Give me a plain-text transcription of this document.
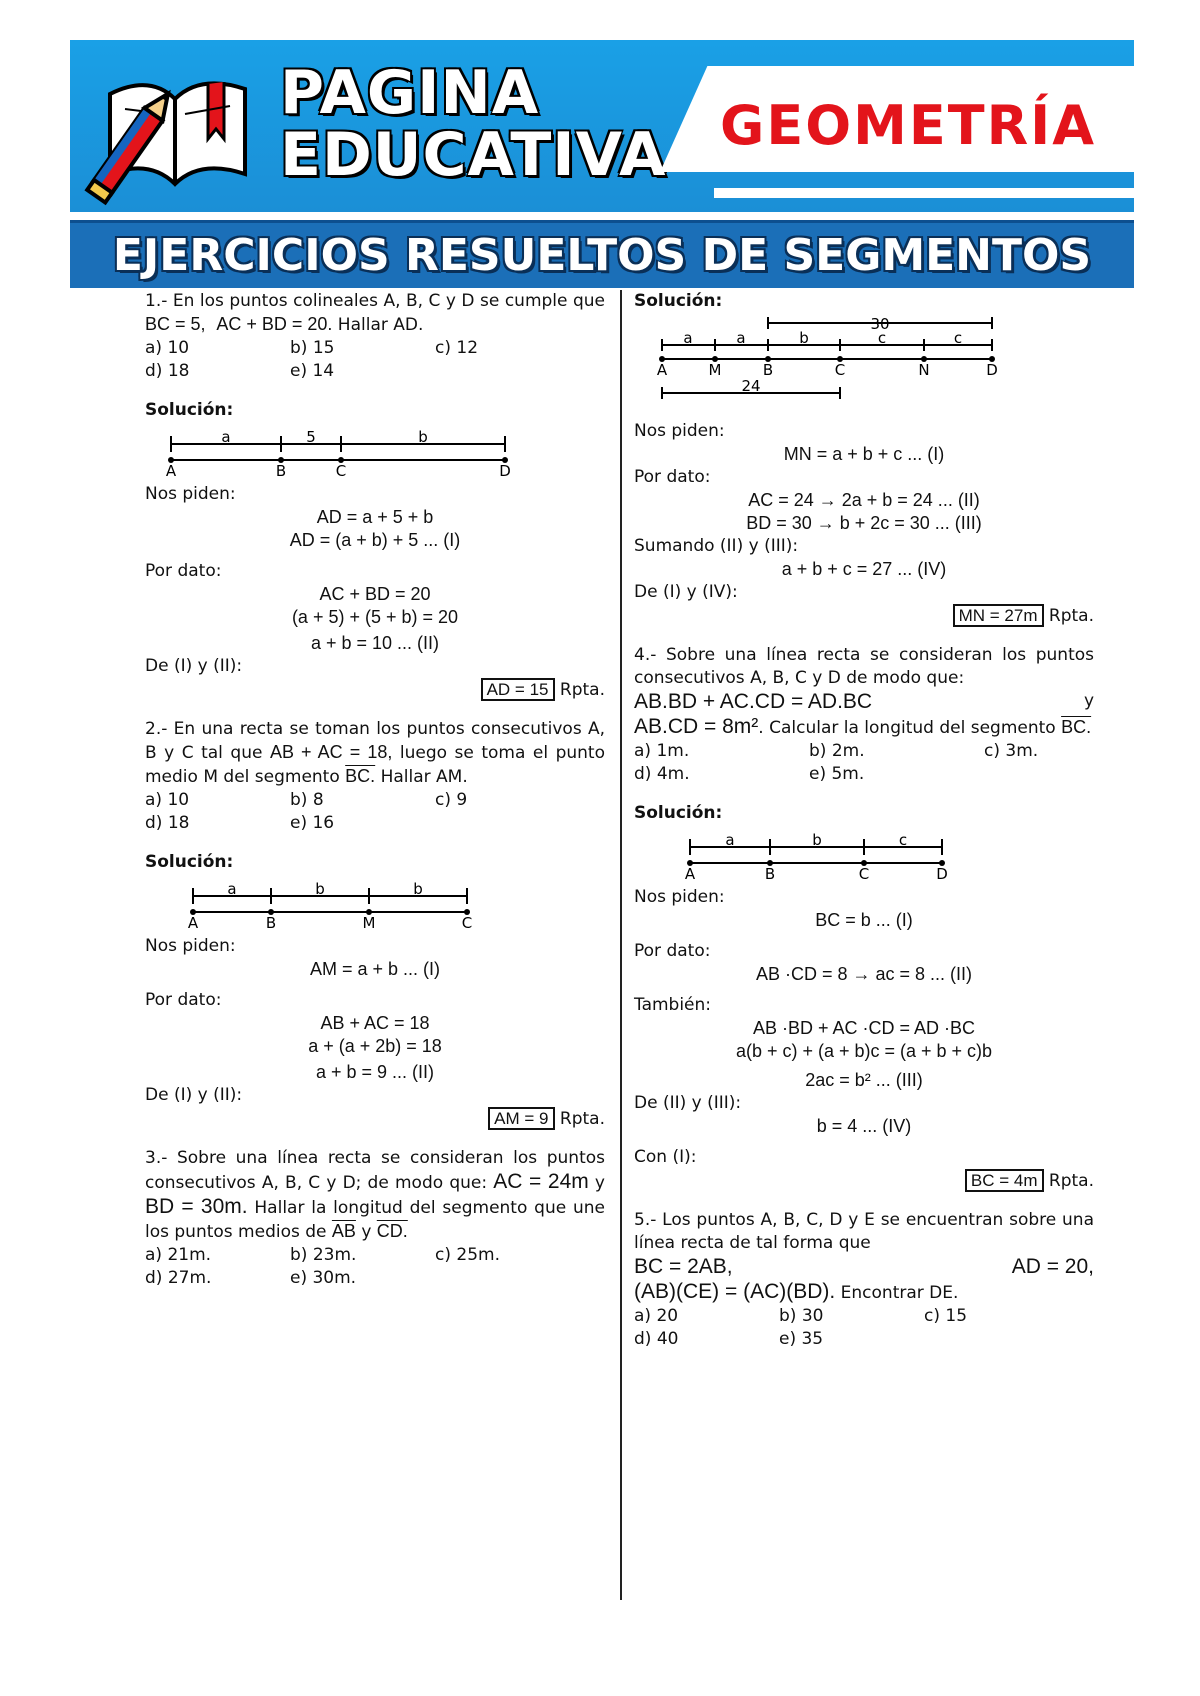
PAGINA
EDUCATIVA GEOMETRÍA
EJERCICIOS RESUELTOS DE SEGMENTOS
1.- En los puntos colineales A, B, C y D se cumple que BC = 5, AC + BD = 20. Hallar AD.
a) 10	b) 15	c) 12
d) 18	e) 14
Solución:
a	5	b
A	B	C	D
Nos piden:
AD = a + 5 + b
AD = (a + b) + 5 ... (I)
Por dato:
AC + BD = 20
(a + 5) + (5 + b) = 20
a + b = 10 ... (II)
De (I) y (II):
AD = 15 Rpta.
2.- En una recta se toman los puntos consecutivos A, B y C tal que AB + AC = 18, luego se toma el punto medio M del segmento BC. Hallar AM.
a) 10	b) 8	c) 9
d) 18	e) 16
Solución:
a	b	b
A	B	M	C
Nos piden:
AM = a + b ... (I)
Por dato:
AB + AC = 18
a + (a + 2b) = 18
a + b = 9 ... (II)
De (I) y (II):
AM = 9 Rpta.
3.- Sobre una línea recta se consideran los puntos consecutivos A, B, C y D; de modo que: AC = 24m y BD = 30m. Hallar la longitud del segmento que une los puntos medios de $\overline{AB}$ y CD.
a) 21m.	b) 23m.	c) 25m.
d) 27m.	e) 30m.
Solución:
30
a	a	b	c	c
A	M	B	C	N	D
24
Nos piden:
MN = a + b + c ... (I)
Por dato:
AC = 24 → 2a + b = 24 ... (II)
BD = 30 → b + 2c = 30 ... (III)
Sumando (II) y (III):
a + b + c = 27 ... (IV)
De (I) y (IV):
MN = 27m Rpta.
4.- Sobre una línea recta se consideran los puntos consecutivos A, B, C y D de modo que:
AB.BD + AC.CD = AD.BC	y

AB.CD = 8m². Calcular la longitud del segmento BC.
a) 1m.	b) 2m.	c) 3m.
d) 4m.	e) 5m.
Solución:
a	b	c
A	B	C	D
Nos piden:
BC = b ... (I)
Por dato:
AB ·CD = 8 → ac = 8 ... (II)
También:
AB ·BD + AC ·CD = AD ·BC
a(b + c) + (a + b)c = (a + b + c)b
2ac = b² ... (III)
De (II) y (III):
b = 4 ... (IV)
Con (I):
BC = 4m Rpta.
5.- Los puntos A, B, C, D y E se encuentran sobre una línea recta de tal forma que
BC = 2AB,	AD = 20,

(AB)(CE) = (AC)(BD). Encontrar DE.
a) 20	b) 30	c) 15
d) 40	e) 35
